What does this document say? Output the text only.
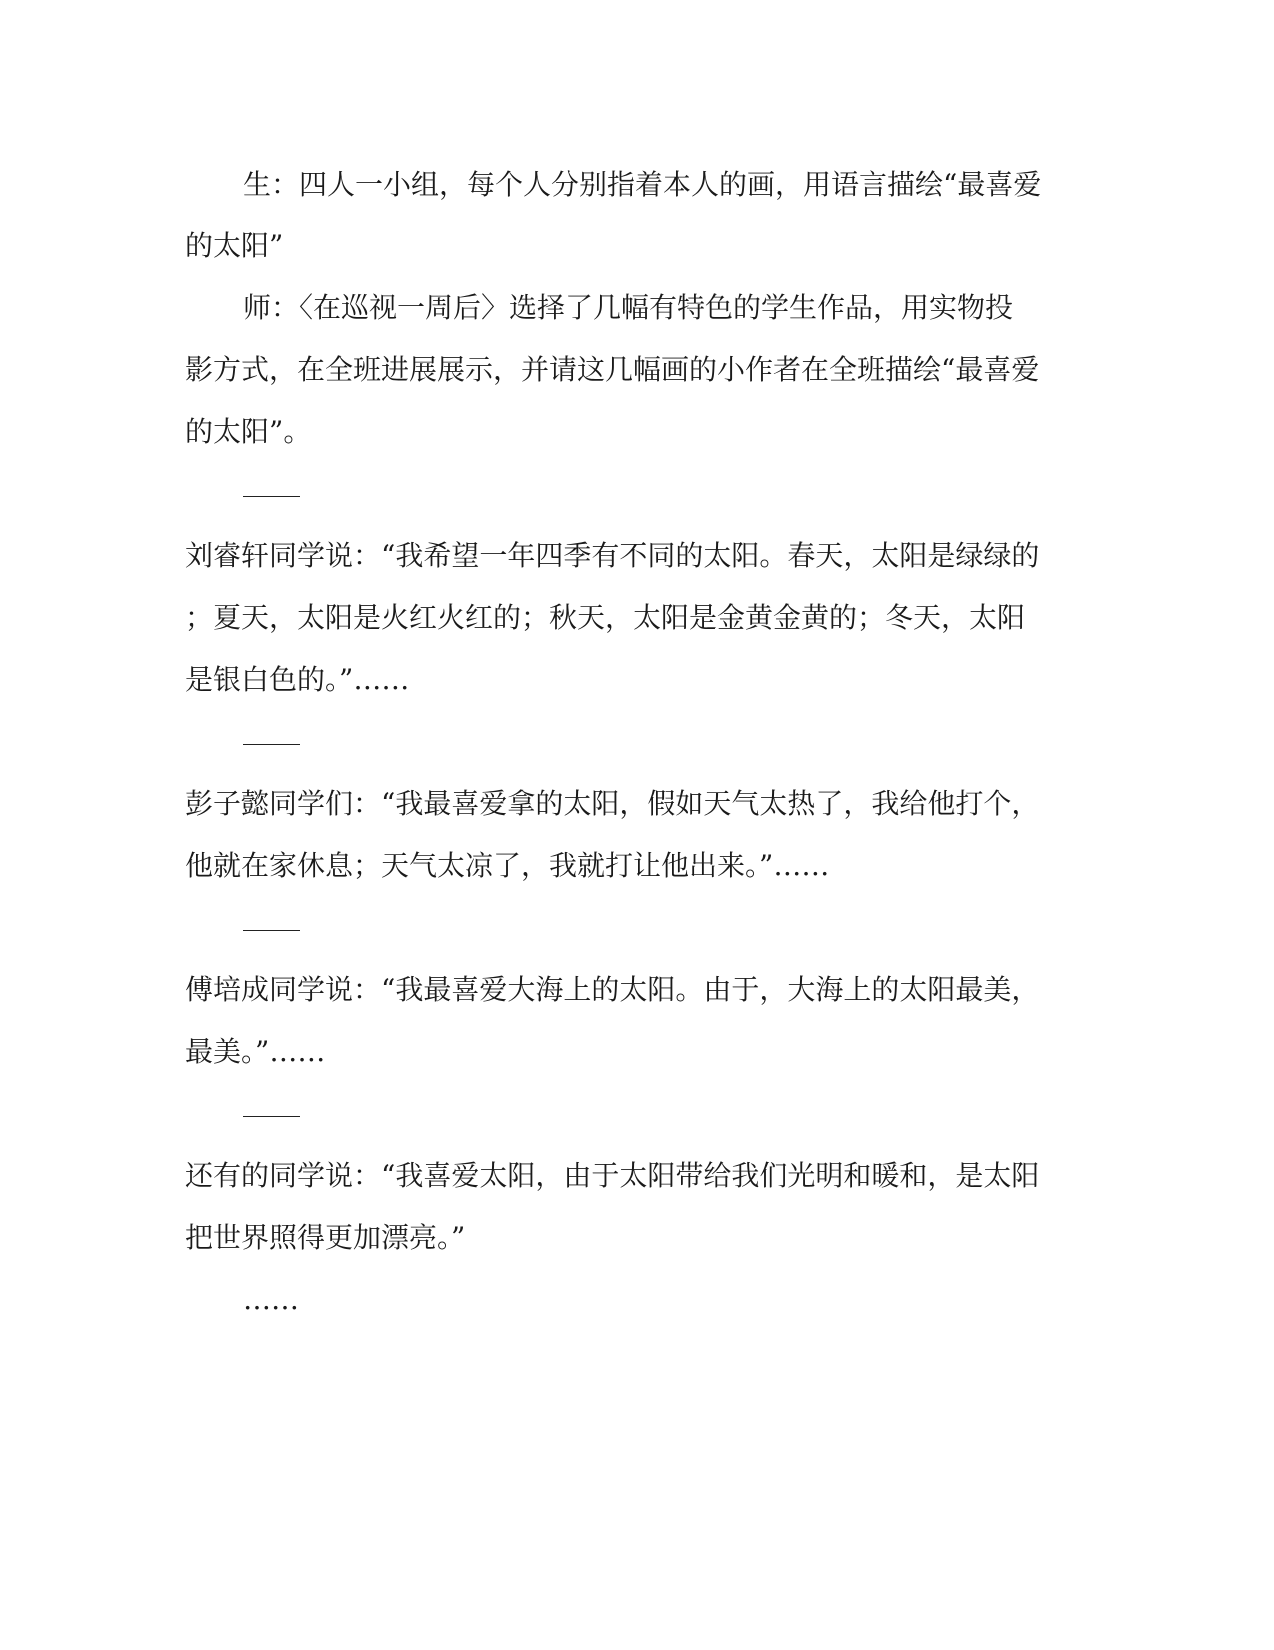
生：四人一小组，每个人分别指着本人的画，用语言描绘“最喜爱
的太阳”
师：〈在巡视一周后〉选择了几幅有特色的学生作品，用实物投
影方式，在全班进展展示，并请这几幅画的小作者在全班描绘“最喜爱
的太阳”。
刘睿轩同学说：“我希望一年四季有不同的太阳。春天，太阳是绿绿的
；夏天，太阳是火红火红的；秋天，太阳是金黄金黄的；冬天，太阳
是银白色的。”……
彭子懿同学们：“我最喜爱拿的太阳，假如天气太热了，我给他打个，
他就在家休息；天气太凉了，我就打让他出来。”……
傅培成同学说：“我最喜爱大海上的太阳。由于，大海上的太阳最美，
最美。”……
还有的同学说：“我喜爱太阳，由于太阳带给我们光明和暖和，是太阳
把世界照得更加漂亮。”
……
